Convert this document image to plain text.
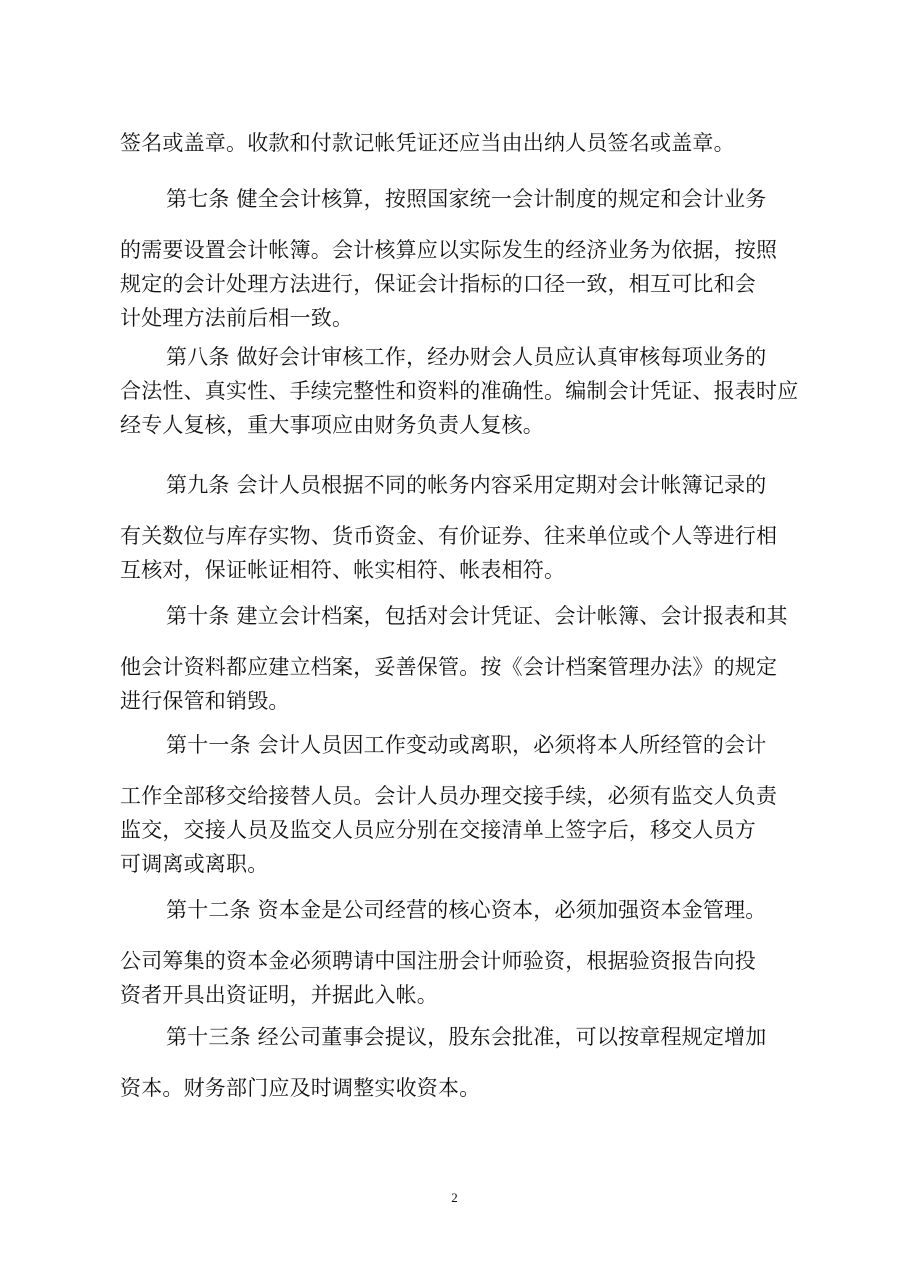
签名或盖章。收款和付款记帐凭证还应当由出纳人员签名或盖章。
第七条 健全会计核算，按照国家统一会计制度的规定和会计业务
的需要设置会计帐簿。会计核算应以实际发生的经济业务为依据，按照
规定的会计处理方法进行，保证会计指标的口径一致，相互可比和会
计处理方法前后相一致。
第八条 做好会计审核工作，经办财会人员应认真审核每项业务的
合法性、真实性、手续完整性和资料的准确性。编制会计凭证、报表时应
经专人复核，重大事项应由财务负责人复核。
第九条 会计人员根据不同的帐务内容采用定期对会计帐簿记录的
有关数位与库存实物、货币资金、有价证券、往来单位或个人等进行相
互核对，保证帐证相符、帐实相符、帐表相符。
第十条 建立会计档案，包括对会计凭证、会计帐簿、会计报表和其
他会计资料都应建立档案，妥善保管。按《会计档案管理办法》的规定
进行保管和销毁。
第十一条 会计人员因工作变动或离职，必须将本人所经管的会计
工作全部移交给接替人员。会计人员办理交接手续，必须有监交人负责
监交，交接人员及监交人员应分别在交接清单上签字后，移交人员方
可调离或离职。
第十二条 资本金是公司经营的核心资本，必须加强资本金管理。
公司筹集的资本金必须聘请中国注册会计师验资，根据验资报告向投
资者开具出资证明，并据此入帐。
第十三条 经公司董事会提议，股东会批准，可以按章程规定增加
资本。财务部门应及时调整实收资本。
2
